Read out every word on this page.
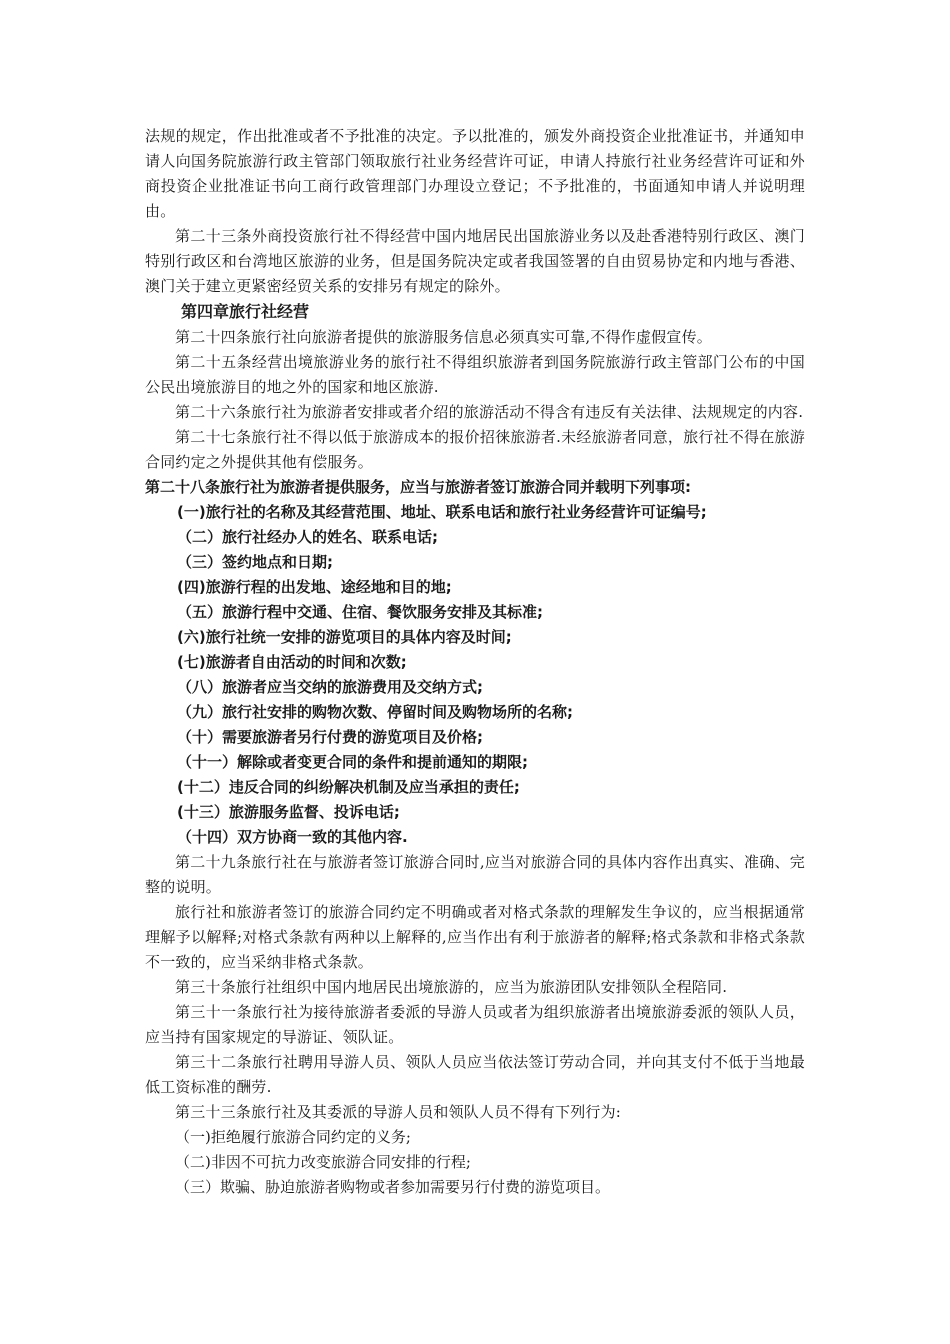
法规的规定，作出批准或者不予批准的决定。予以批准的，颁发外商投资企业批准证书，并通知申请人向国务院旅游行政主管部门领取旅行社业务经营许可证，申请人持旅行社业务经营许可证和外商投资企业批准证书向工商行政管理部门办理设立登记；不予批准的，书面通知申请人并说明理由。

第二十三条外商投资旅行社不得经营中国内地居民出国旅游业务以及赴香港特别行政区、澳门特别行政区和台湾地区旅游的业务，但是国务院决定或者我国签署的自由贸易协定和内地与香港、澳门关于建立更紧密经贸关系的安排另有规定的除外。

第四章旅行社经营

第二十四条旅行社向旅游者提供的旅游服务信息必须真实可靠,不得作虚假宣传。

第二十五条经营出境旅游业务的旅行社不得组织旅游者到国务院旅游行政主管部门公布的中国公民出境旅游目的地之外的国家和地区旅游.

第二十六条旅行社为旅游者安排或者介绍的旅游活动不得含有违反有关法律、法规规定的内容.

第二十七条旅行社不得以低于旅游成本的报价招徕旅游者.未经旅游者同意，旅行社不得在旅游合同约定之外提供其他有偿服务。

第二十八条旅行社为旅游者提供服务，应当与旅游者签订旅游合同并载明下列事项:

(一)旅行社的名称及其经营范围、地址、联系电话和旅行社业务经营许可证编号;

（二）旅行社经办人的姓名、联系电话;

（三）签约地点和日期;

(四)旅游行程的出发地、途经地和目的地;

（五）旅游行程中交通、住宿、餐饮服务安排及其标准;

(六)旅行社统一安排的游览项目的具体内容及时间;

(七)旅游者自由活动的时间和次数;

（八）旅游者应当交纳的旅游费用及交纳方式;

（九）旅行社安排的购物次数、停留时间及购物场所的名称;

（十）需要旅游者另行付费的游览项目及价格;

（十一）解除或者变更合同的条件和提前通知的期限;

(十二）违反合同的纠纷解决机制及应当承担的责任;

(十三）旅游服务监督、投诉电话;

（十四）双方协商一致的其他内容.

第二十九条旅行社在与旅游者签订旅游合同时,应当对旅游合同的具体内容作出真实、准确、完整的说明。

旅行社和旅游者签订的旅游合同约定不明确或者对格式条款的理解发生争议的，应当根据通常理解予以解释;对格式条款有两种以上解释的,应当作出有利于旅游者的解释;格式条款和非格式条款不一致的，应当采纳非格式条款。

第三十条旅行社组织中国内地居民出境旅游的，应当为旅游团队安排领队全程陪同.

第三十一条旅行社为接待旅游者委派的导游人员或者为组织旅游者出境旅游委派的领队人员，应当持有国家规定的导游证、领队证。

第三十二条旅行社聘用导游人员、领队人员应当依法签订劳动合同，并向其支付不低于当地最低工资标准的酬劳.

第三十三条旅行社及其委派的导游人员和领队人员不得有下列行为:

（一)拒绝履行旅游合同约定的义务;

（二)非因不可抗力改变旅游合同安排的行程;

（三）欺骗、胁迫旅游者购物或者参加需要另行付费的游览项目。
